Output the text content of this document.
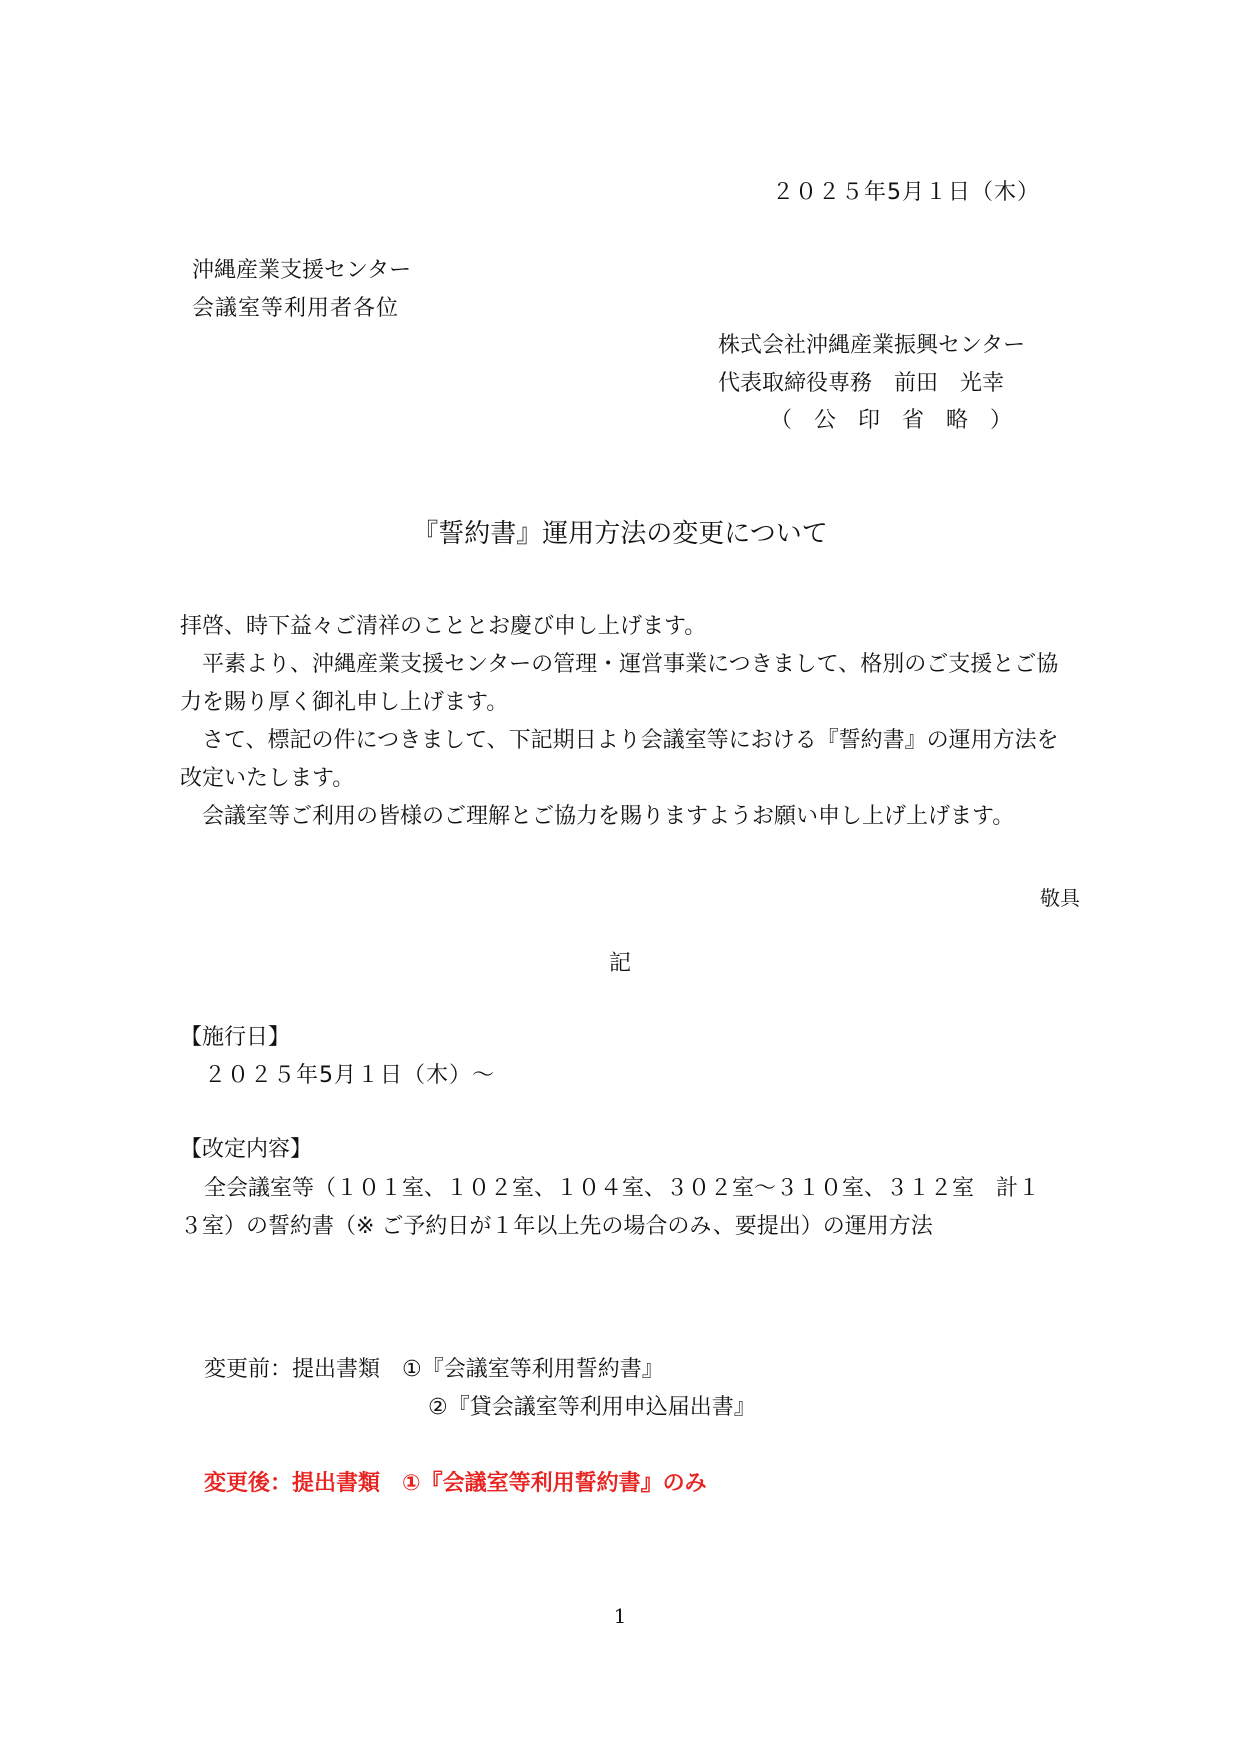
２０２５年5月１日（木）
沖縄産業支援センター
会議室等利用者各位
株式会社沖縄産業振興センター
代表取締役専務　前田　光幸
（　公　印　省　略　）
『誓約書』運用方法の変更について

拝啓、時下益々ご清祥のこととお慶び申し上げます。

　平素より、沖縄産業支援センターの管理・運営事業につきまして、格別のご支援とご協力を賜り厚く御礼申し上げます。

　さて、標記の件につきまして、下記期日より会議室等における『誓約書』の運用方法を改定いたします。

　会議室等ご利用の皆様のご理解とご協力を賜りますようお願い申し上げ上げます。

敬具
記
【施行日】
２０２５年5月１日（木）～
【改定内容】

全会議室等（１０１室、１０２室、１０４室、３０２室～３１０室、３１２室　計１３室）の誓約書（※ ご予約日が１年以上先の場合のみ、要提出）の運用方法

変更前：提出書類　①『会議室等利用誓約書』
②『貸会議室等利用申込届出書』
変更後：提出書類　①『会議室等利用誓約書』のみ
1
